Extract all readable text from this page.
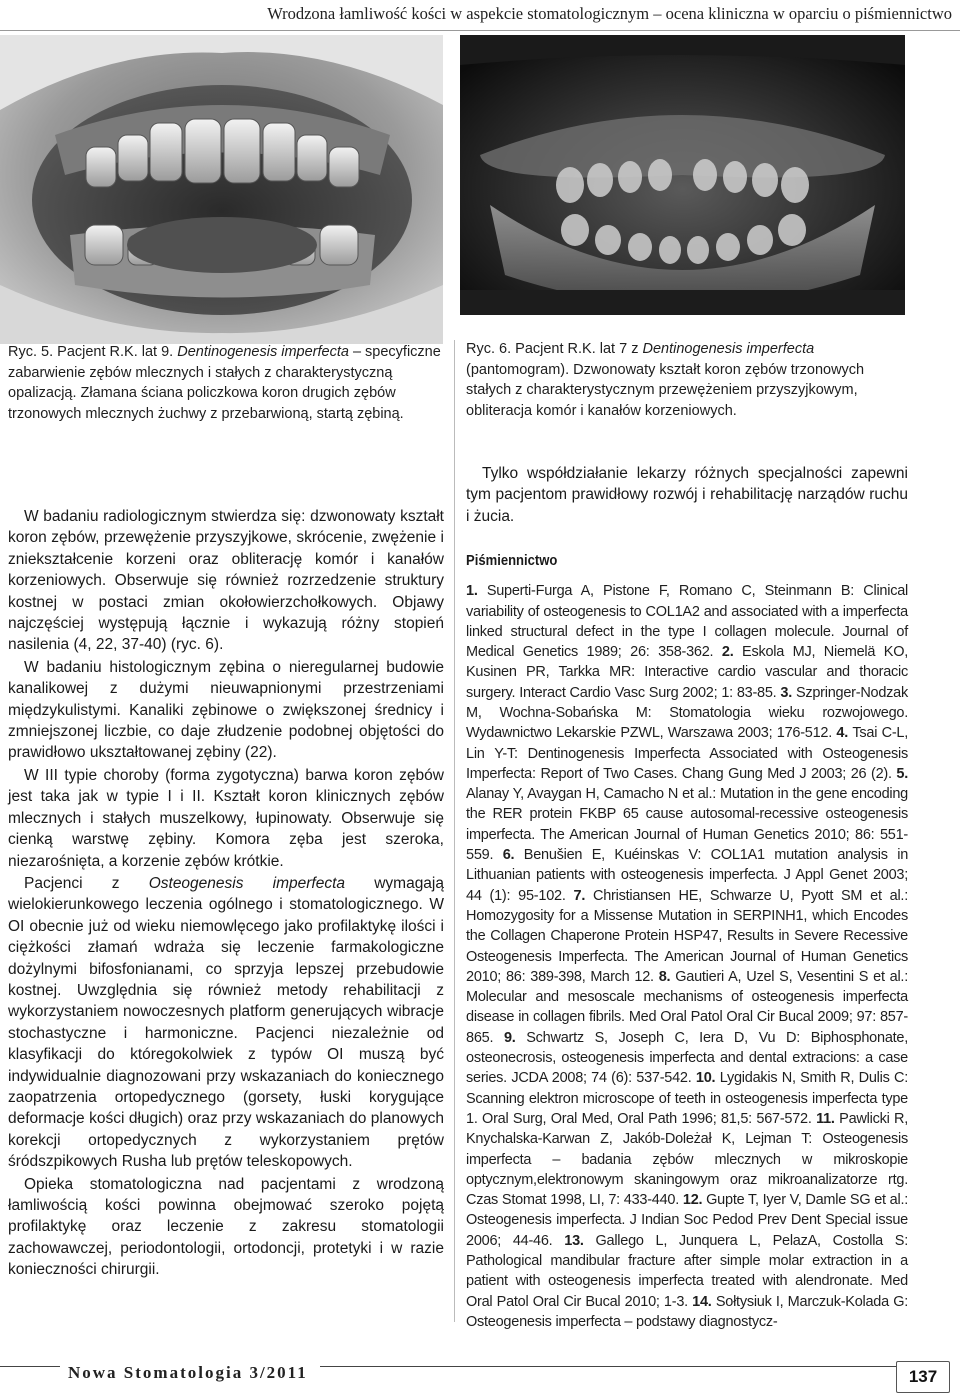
Wrodzona łamliwość kości w aspekcie stomatologicznym – ocena kliniczna w oparciu o piśmiennictwo
Ryc. 5. Pacjent R.K. lat 9. Dentinogenesis imperfecta – specyficzne zabarwienie zębów mlecznych i stałych z charakterystyczną opalizacją. Złamana ściana policzkowa koron drugich zębów trzonowych mlecznych żuchwy z przebarwioną, startą zębiną.
Ryc. 6. Pacjent R.K. lat 7 z Dentinogenesis imperfecta (pantomogram). Dzwonowaty kształt koron zębów trzonowych stałych z charakterystycznym przewężeniem przyszyjkowym, obliteracja komór i kanałów korzeniowych.

W badaniu radiologicznym stwierdza się: dzwonowaty kształt koron zębów, przewężenie przyszyjkowe, skrócenie, zwężenie i zniekształcenie korzeni oraz obliterację komór i kanałów korzeniowych. Obserwuje się również rozrzedzenie struktury kostnej w postaci zmian okołowierzchołkowych. Objawy najczęściej występują łącznie i wykazują różny stopień nasilenia (4, 22, 37-40) (ryc. 6).

W badaniu histologicznym zębina o nieregularnej budowie kanalikowej z dużymi nieuwapnionymi przestrzeniami międzykulistymi. Kanaliki zębinowe o zwiększonej średnicy i zmniejszonej liczbie, co daje złudzenie podobnej objętości do prawidłowo ukształtowanej zębiny (22).

W III typie choroby (forma zygotyczna) barwa koron zębów jest taka jak w typie I i II. Kształt koron klinicznych zębów mlecznych i stałych muszelkowy, łupinowaty. Obserwuje się cienką warstwę zębiny. Komora zęba jest szeroka, niezarośnięta, a korzenie zębów krótkie.

Pacjenci z Osteogenesis imperfecta wymagają wielokierunkowego leczenia ogólnego i stomatologicznego. W OI obecnie już od wieku niemowlęcego jako profilaktykę ilości i ciężkości złamań wdraża się leczenie farmakologiczne dożylnymi bifosfonianami, co sprzyja lepszej przebudowie kostnej. Uwzględnia się również metody rehabilitacji z wykorzystaniem nowoczesnych platform generujących wibracje stochastyczne i harmoniczne. Pacjenci niezależnie od klasyfikacji do któregokolwiek z typów OI muszą być indywidualnie diagnozowani przy wskazaniach do koniecznego zaopatrzenia ortopedycznego (gorsety, łuski korygujące deformacje kości długich) oraz przy wskazaniach do planowych korekcji ortopedycznych z wykorzystaniem prętów śródszpikowych Rusha lub prętów teleskopowych.

Opieka stomatologiczna nad pacjentami z wrodzoną łamliwością kości powinna obejmować szeroko pojętą profilaktykę oraz leczenie z zakresu stomatologii zachowawczej, periodontologii, ortodoncji, protetyki i w razie konieczności chirurgii.

Tylko współdziałanie lekarzy różnych specjalności zapewni tym pacjentom prawidłowy rozwój i rehabilitację narządów ruchu i żucia.

Piśmiennictwo

1. Superti-Furga A, Pistone F, Romano C, Steinmann B: Clinical variability of osteogenesis to COL1A2 and associated with a imperfecta linked structural defect in the type I collagen molecule. Journal of Medical Genetics 1989; 26: 358-362. 2. Eskola MJ, Niemelä KO, Kusinen PR, Tarkka MR: Interactive cardio vascular and thoracic surgery. Interact Cardio Vasc Surg 2002; 1: 83-85. 3. Szpringer-Nodzak M, Wochna-Sobańska M: Stomatologia wieku rozwojowego. Wydawnictwo Lekarskie PZWL, Warszawa 2003; 176-512. 4. Tsai C-L, Lin Y-T: Dentinogenesis Imperfecta Associated with Osteogenesis Imperfecta: Report of Two Cases. Chang Gung Med J 2003; 26 (2). 5. Alanay Y, Avaygan H, Camacho N et al.: Mutation in the gene encoding the RER protein FKBP 65 cause autosomal-recessive osteogenesis imperfecta. The American Journal of Human Genetics 2010; 86: 551-559. 6. Benušien E, Kuéinskas V: COL1A1 mutation analysis in Lithuanian patients with osteogenesis imperfecta. J Appl Genet 2003; 44 (1): 95-102. 7. Christiansen HE, Schwarze U, Pyott SM et al.: Homozygosity for a Missense Mutation in SERPINH1, which Encodes the Collagen Chaperone Protein HSP47, Results in Severe Recessive Osteogenesis Imperfecta. The American Journal of Human Genetics 2010; 86: 389-398, March 12. 8. Gautieri A, Uzel S, Vesentini S et al.: Molecular and mesoscale mechanisms of osteogenesis imperfecta disease in collagen fibrils. Med Oral Patol Oral Cir Bucal 2009; 97: 857-865. 9. Schwartz S, Joseph C, Iera D, Vu D: Biphosphonate, osteonecrosis, osteogenesis imperfecta and dental extracions: a case series. JCDA 2008; 74 (6): 537-542. 10. Lygidakis N, Smith R, Dulis C: Scanning elektron microscope of teeth in osteogenesis imperfecta type 1. Oral Surg, Oral Med, Oral Path 1996; 81,5: 567-572. 11. Pawlicki R, Knychalska-Karwan Z, Jakób-Doleżał K, Lejman T: Osteogenesis imperfecta – badania zębów mlecznych w mikroskopie optycznym,elektronowym skaningowym oraz mikroanalizatorze rtg. Czas Stomat 1998, LI, 7: 433-440. 12. Gupte T, Iyer V, Damle SG et al.: Osteogenesis imperfecta. J Indian Soc Pedod Prev Dent Special issue 2006; 44-46. 13. Gallego L, Junquera L, PelazA, Costolla S: Pathological mandibular fracture after simple molar extraction in a patient with osteogenesis imperfecta treated with alendronate. Med Oral Patol Oral Cir Bucal 2010; 1-3. 14. Sołtysiuk I, Marczuk-Kolada G: Osteogenesis imperfecta – podstawy diagnostycz-

Nowa Stomatologia 3/2011	137
